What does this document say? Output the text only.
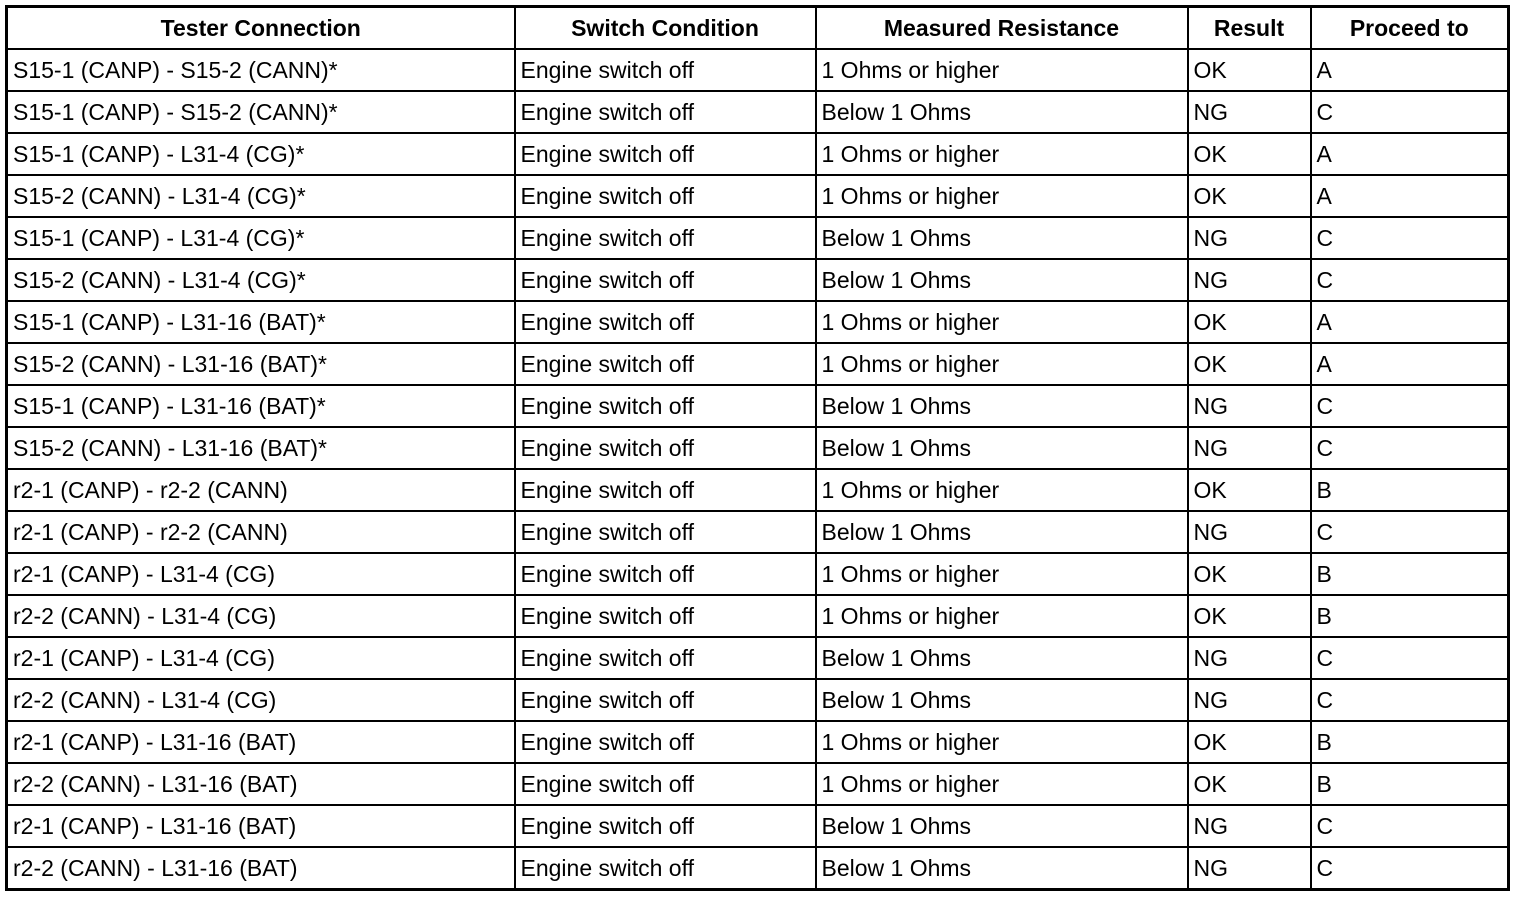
Tester Connection	Switch Condition	Measured Resistance	Result	Proceed to
S15-1 (CANP) - S15-2 (CANN)*	Engine switch off	1 Ohms or higher	OK	A
S15-1 (CANP) - S15-2 (CANN)*	Engine switch off	Below 1 Ohms	NG	C
S15-1 (CANP) - L31-4 (CG)*	Engine switch off	1 Ohms or higher	OK	A
S15-2 (CANN) - L31-4 (CG)*	Engine switch off	1 Ohms or higher	OK	A
S15-1 (CANP) - L31-4 (CG)*	Engine switch off	Below 1 Ohms	NG	C
S15-2 (CANN) - L31-4 (CG)*	Engine switch off	Below 1 Ohms	NG	C
S15-1 (CANP) - L31-16 (BAT)*	Engine switch off	1 Ohms or higher	OK	A
S15-2 (CANN) - L31-16 (BAT)*	Engine switch off	1 Ohms or higher	OK	A
S15-1 (CANP) - L31-16 (BAT)*	Engine switch off	Below 1 Ohms	NG	C
S15-2 (CANN) - L31-16 (BAT)*	Engine switch off	Below 1 Ohms	NG	C
r2-1 (CANP) - r2-2 (CANN)	Engine switch off	1 Ohms or higher	OK	B
r2-1 (CANP) - r2-2 (CANN)	Engine switch off	Below 1 Ohms	NG	C
r2-1 (CANP) - L31-4 (CG)	Engine switch off	1 Ohms or higher	OK	B
r2-2 (CANN) - L31-4 (CG)	Engine switch off	1 Ohms or higher	OK	B
r2-1 (CANP) - L31-4 (CG)	Engine switch off	Below 1 Ohms	NG	C
r2-2 (CANN) - L31-4 (CG)	Engine switch off	Below 1 Ohms	NG	C
r2-1 (CANP) - L31-16 (BAT)	Engine switch off	1 Ohms or higher	OK	B
r2-2 (CANN) - L31-16 (BAT)	Engine switch off	1 Ohms or higher	OK	B
r2-1 (CANP) - L31-16 (BAT)	Engine switch off	Below 1 Ohms	NG	C
r2-2 (CANN) - L31-16 (BAT)	Engine switch off	Below 1 Ohms	NG	C
